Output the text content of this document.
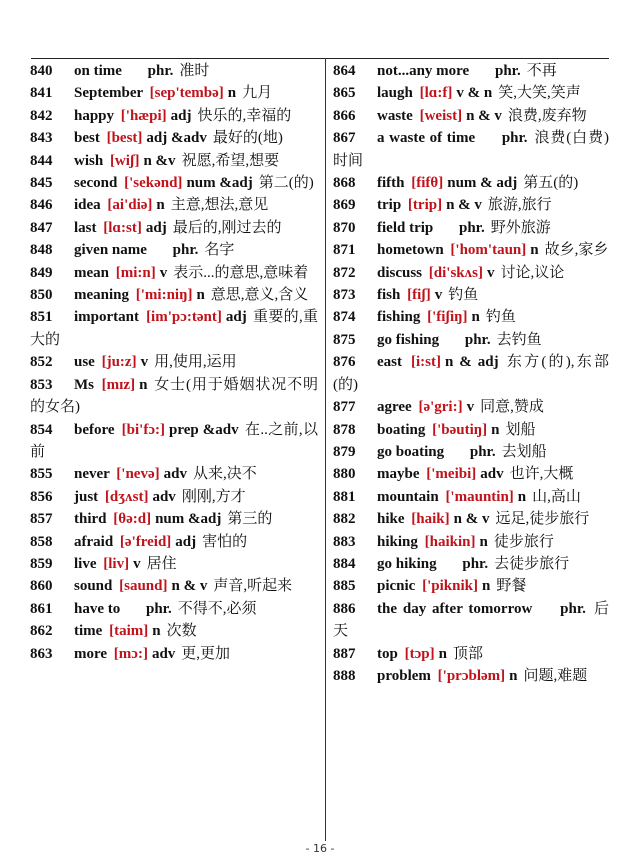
840 on time phr. 准时

841 September [sep'tembə] n 九月

842 happy ['hæpi] adj 快乐的,幸福的

843 best [best] adj &adv 最好的(地)

844 wish [wiʃ] n &v 祝愿,希望,想要

845 second ['sekənd] num &adj 第二(的)

846 idea [ai'diə] n 主意,想法,意见

847 last [lɑ:st] adj 最后的,刚过去的

848 given name phr. 名字

849 mean [mi:n] v 表示...的意思,意味着

850 meaning ['mi:niŋ] n 意思,意义,含义

851 important [im'pɔ:tənt] adj 重要的,重大的

852 use [ju:z] v 用,使用,运用

853 Ms [mɪz] n 女士(用于婚姻状况不明的女名)

854 before [bi'fɔ:] prep &adv 在..之前,以前

855 never ['nevə] adv 从来,决不

856 just [dʒʌst] adv 刚刚,方才

857 third [θə:d] num &adj 第三的

858 afraid [ə'freid] adj 害怕的

859 live [liv] v 居住

860 sound [saund] n & v 声音,听起来

861 have to phr. 不得不,必须

862 time [taim] n 次数

863 more [mɔ:] adv 更,更加

864 not...any more phr. 不再

865 laugh [lɑ:f] v & n 笑,大笑,笑声

866 waste [weist] n & v 浪费,废弃物

867 a waste of time phr. 浪费(白费)时间

868 fifth [fifθ] num & adj 第五(的)

869 trip [trip] n & v 旅游,旅行

870 field trip phr. 野外旅游

871 hometown ['hom'taun] n 故乡,家乡

872 discuss [di'skʌs] v 讨论,议论

873 fish [fiʃ] v 钓鱼

874 fishing ['fiʃiŋ] n 钓鱼

875 go fishing phr. 去钓鱼

876 east [i:st] n & adj 东方(的),东部(的)

877 agree [ə'gri:] v 同意,赞成

878 boating ['bəutiŋ] n 划船

879 go boating phr. 去划船

880 maybe ['meibi] adv 也许,大概

881 mountain ['mauntin] n 山,高山

882 hike [haik] n & v 远足,徒步旅行

883 hiking [haikin] n 徒步旅行

884 go hiking phr. 去徒步旅行

885 picnic ['piknik] n 野餐

886 the day after tomorrow phr. 后天

887 top [tɔp] n 顶部

888 problem ['prɔbləm] n 问题,难题

- 16 -
